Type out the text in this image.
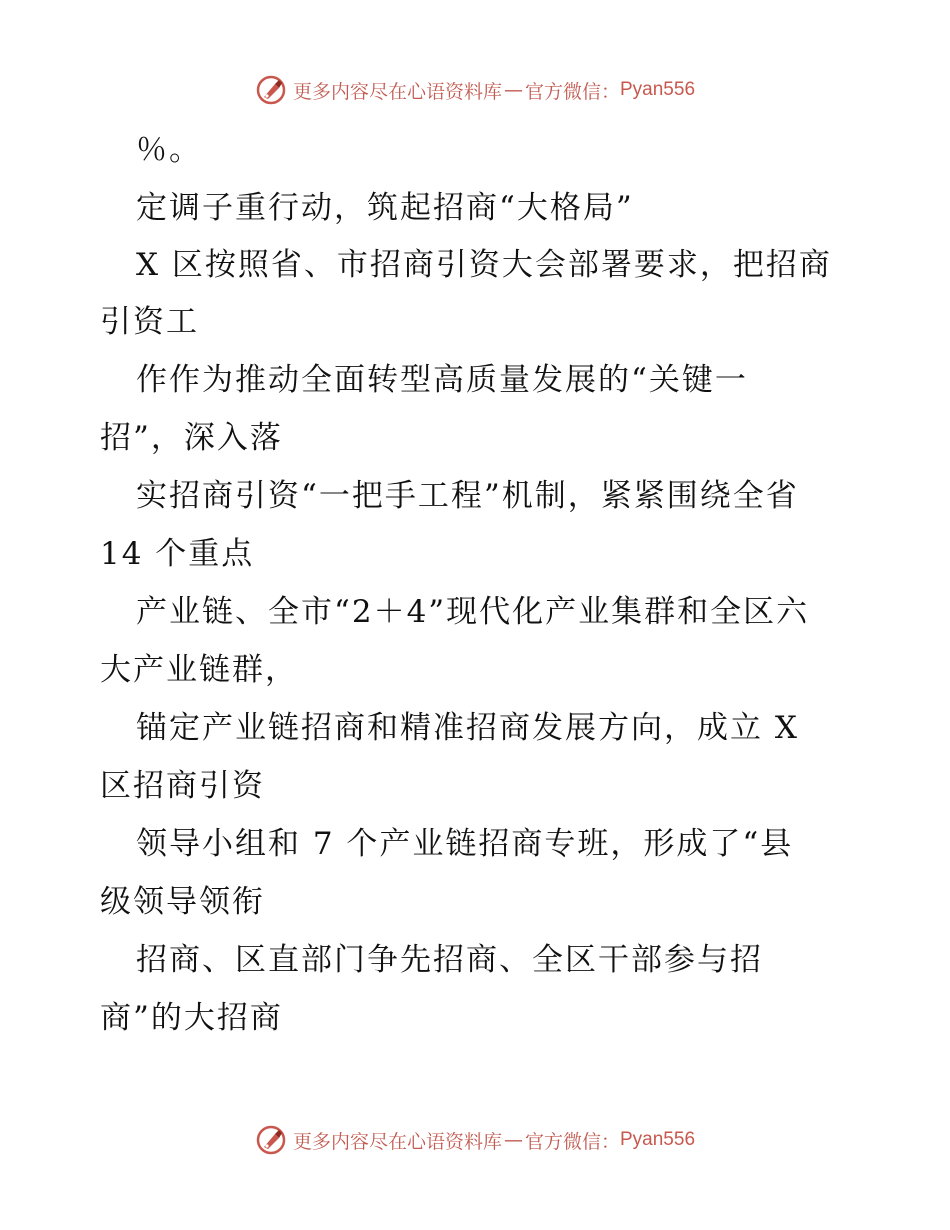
更多内容尽在心语资料库 — 官方微信： Pyan556
％。
定调子重行动，筑起招商“大格局”
X 区按照省、市招商引资大会部署要求，把招商
引资工
作作为推动全面转型高质量发展的“关键一
招”，深入落
实招商引资“一把手工程”机制，紧紧围绕全省
14 个重点
产业链、全市“2＋4”现代化产业集群和全区六
大产业链群，
锚定产业链招商和精准招商发展方向，成立 X
区招商引资
领导小组和 7 个产业链招商专班，形成了“县
级领导领衔
招商、区直部门争先招商、全区干部参与招
商”的大招商
更多内容尽在心语资料库 — 官方微信： Pyan556
